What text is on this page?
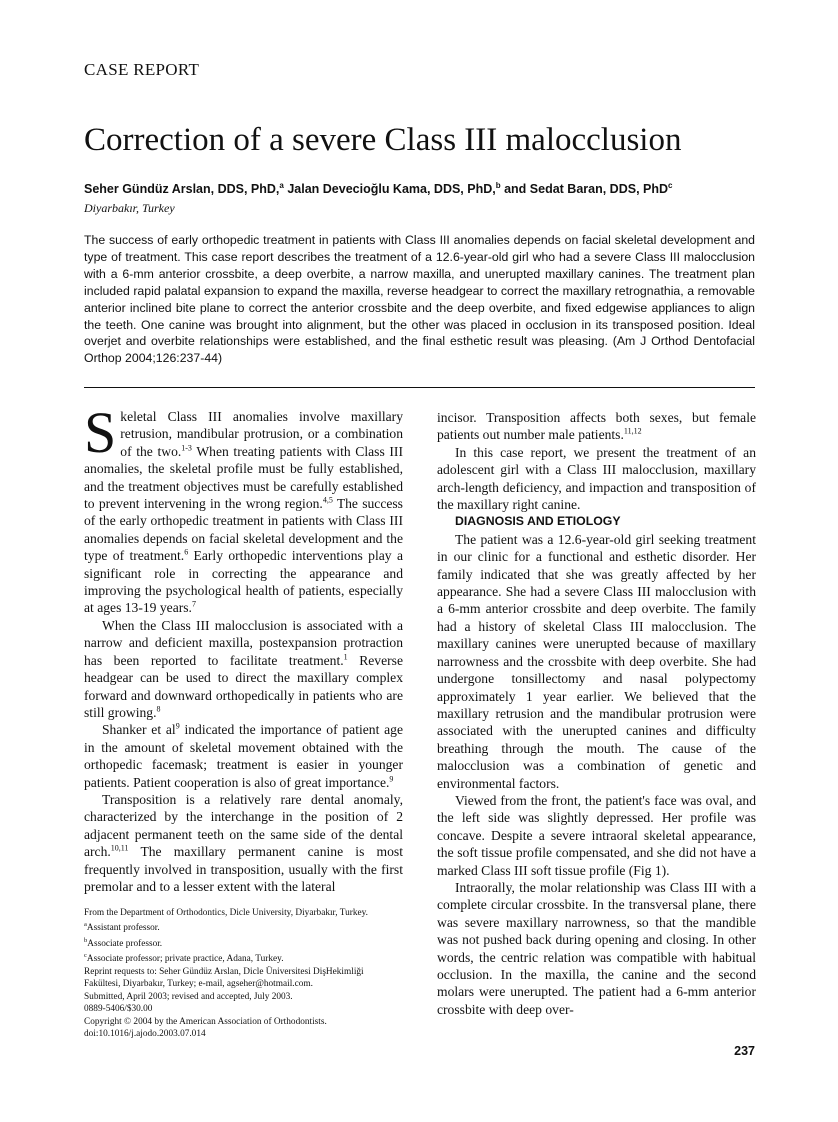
CASE REPORT
Correction of a severe Class III malocclusion
Seher Gündüz Arslan, DDS, PhD,$^a$ Jalan Devecioğlu Kama, DDS, PhD,$^b$ and Sedat Baran, DDS, PhD$^c$
Diyarbakır, Turkey
The success of early orthopedic treatment in patients with Class III anomalies depends on facial skeletal development and type of treatment. This case report describes the treatment of a 12.6-year-old girl who had a severe Class III malocclusion with a 6-mm anterior crossbite, a deep overbite, a narrow maxilla, and unerupted maxillary canines. The treatment plan included rapid palatal expansion to expand the maxilla, reverse headgear to correct the maxillary retrognathia, a removable anterior inclined bite plane to correct the anterior crossbite and the deep overbite, and fixed edgewise appliances to align the teeth. One canine was brought into alignment, but the other was placed in occlusion in its transposed position. Ideal overjet and overbite relationships were established, and the final esthetic result was pleasing. (Am J Orthod Dentofacial Orthop 2004;126:237-44)

Skeletal Class III anomalies involve maxillary retrusion, mandibular protrusion, or a combination of the two.$^{1-3}$ When treating patients with Class III anomalies, the skeletal profile must be fully established, and the treatment objectives must be carefully established to prevent intervening in the wrong region.$^{4,5}$ The success of the early orthopedic treatment in patients with Class III anomalies depends on facial skeletal development and the type of treatment.$^6$ Early orthopedic interventions play a significant role in correcting the appearance and improving the psychological health of patients, especially at ages 13-19 years.$^7$

When the Class III malocclusion is associated with a narrow and deficient maxilla, postexpansion protraction has been reported to facilitate treatment.$^1$ Reverse headgear can be used to direct the maxillary complex forward and downward orthopedically in patients who are still growing.$^8$

Shanker et $al^9$ indicated the importance of patient age in the amount of skeletal movement obtained with the orthopedic facemask; treatment is easier in younger patients. Patient cooperation is also of great importance.$^9$

Transposition is a relatively rare dental anomaly, characterized by the interchange in the position of 2 adjacent permanent teeth on the same side of the dental arch.$^{10,11}$ The maxillary permanent canine is most frequently involved in transposition, usually with the first premolar and to a lesser extent with the lateral

incisor. Transposition affects both sexes, but female patients out number male patients.$^{11,12}$

In this case report, we present the treatment of an adolescent girl with a Class III malocclusion, maxillary arch-length deficiency, and impaction and transposition of the maxillary right canine.

DIAGNOSIS AND ETIOLOGY

The patient was a 12.6-year-old girl seeking treatment in our clinic for a functional and esthetic disorder. Her family indicated that she was greatly affected by her appearance. She had a severe Class III malocclusion with a 6-mm anterior crossbite and deep overbite. The family had a history of skeletal Class III malocclusion. The maxillary canines were unerupted because of maxillary narrowness and the crossbite with deep overbite. She had undergone tonsillectomy and nasal polypectomy approximately 1 year earlier. We believed that the maxillary retrusion and the mandibular protrusion were associated with the unerupted canines and difficulty breathing through the mouth. The cause of the malocclusion was a combination of genetic and environmental factors.

Viewed from the front, the patient's face was oval, and the left side was slightly depressed. Her profile was concave. Despite a severe intraoral skeletal appearance, the soft tissue profile compensated, and she did not have a marked Class III soft tissue profile (Fig 1).

Intraorally, the molar relationship was Class III with a complete circular crossbite. In the transversal plane, there was severe maxillary narrowness, so that the mandible was not pushed back during opening and closing. In other words, the centric relation was compatible with habitual occlusion. In the maxilla, the canine and the second molars were unerupted. The patient had a 6-mm anterior crossbite with deep over-

From the Department of Orthodontics, Dicle University, Diyarbakır, Turkey.
$^a$Assistant professor.
$^b$Associate professor.
$^c$Associate professor; private practice, Adana, Turkey.
Reprint requests to: Seher Gündüz Arslan, Dicle Üniversitesi DişHekimliği
Fakültesi, Diyarbakır, Turkey; e-mail, agseher@hotmail.com.
Submitted, April 2003; revised and accepted, July 2003.
0889-5406/$30.00
Copyright © 2004 by the American Association of Orthodontists.
doi:10.1016/j.ajodo.2003.07.014
237
